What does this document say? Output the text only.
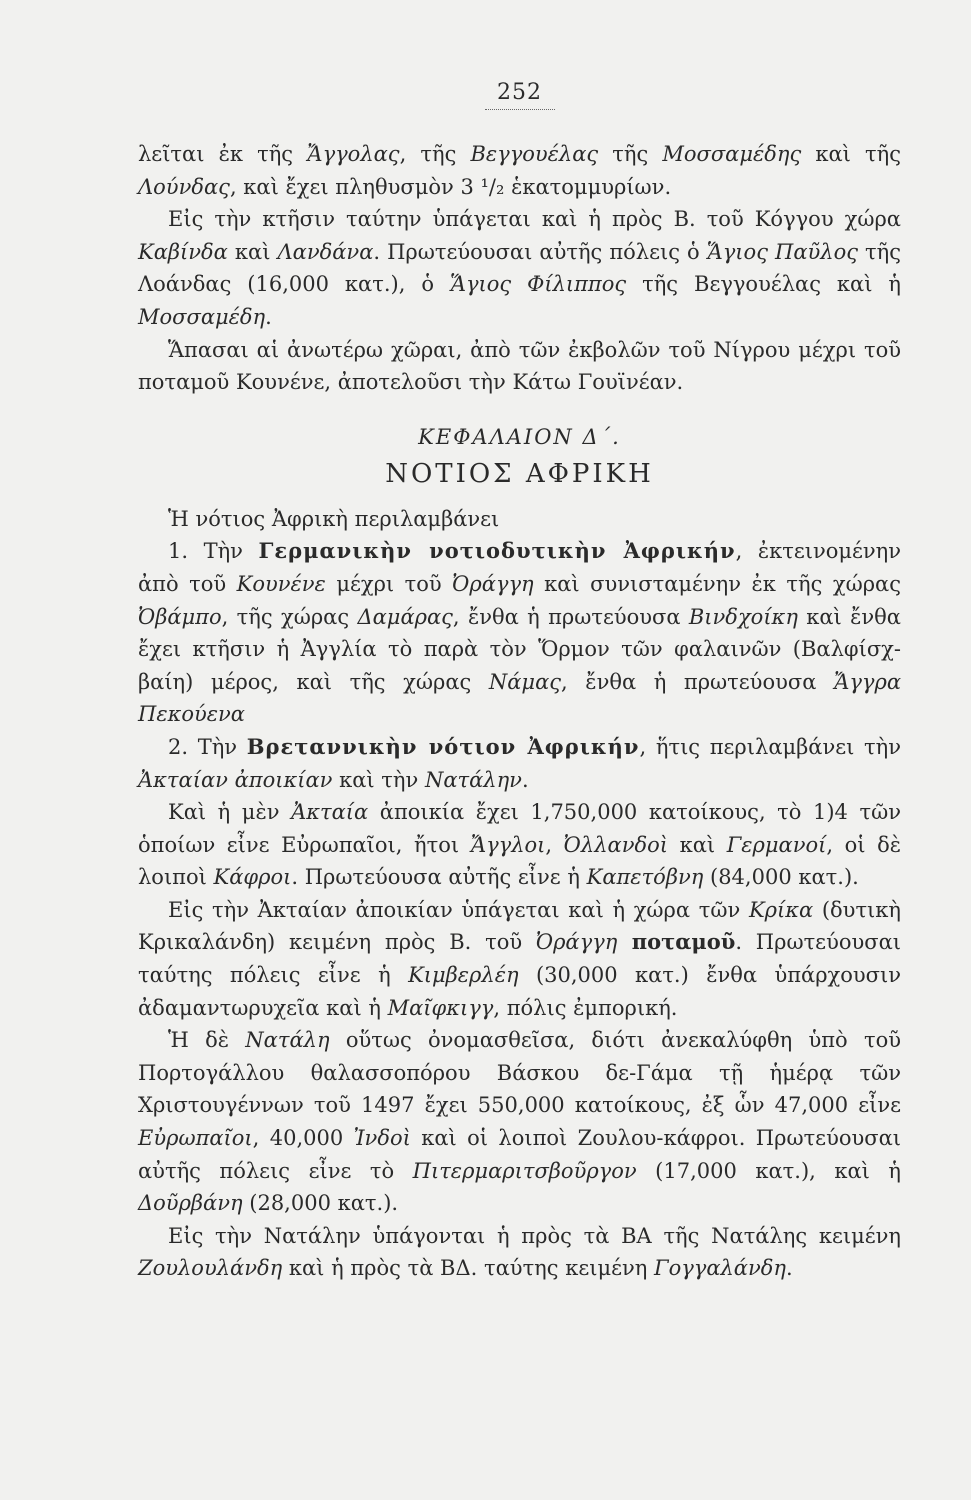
252

λεῖται ἐκ τῆς Ἄγγολας, τῆς Βεγγουέλας τῆς Μοσσαμέδης καὶ τῆς Λούνδας, καὶ ἔχει πληθυσμὸν 3 ¹/₂ ἑκατομμυρίων.

Εἰς τὴν κτῆσιν ταύτην ὑπάγεται καὶ ἡ πρὸς Β. τοῦ Κόγγου χώρα Καβίνδα καὶ Λανδάνα. Πρωτεύουσαι αὐτῆς πόλεις ὁ Ἅγιος Παῦλος τῆς Λοάνδας (16,000 κατ.), ὁ Ἅγιος Φίλιππος τῆς Βεγγουέλας καὶ ἡ Μοσσαμέδη.

Ἅπασαι αἱ ἀνωτέρω χῶραι, ἀπὸ τῶν ἐκβολῶν τοῦ Νίγρου μέχρι τοῦ ποταμοῦ Κουνένε, ἀποτελοῦσι τὴν Κάτω Γουϊνέαν.

ΚΕΦΑΛΑΙΟΝ Δ΄.
ΝΟΤΙΟΣ ΑΦΡΙΚΗ

Ἡ νότιος Ἀφρικὴ περιλαμβάνει

1. Τὴν Γερμανικὴν νοτιοδυτικὴν Ἀφρικήν, ἐκτεινομένην ἀπὸ τοῦ Κουνένε μέχρι τοῦ Ὀράγγη καὶ συνισταμένην ἐκ τῆς χώρας Ὀβάμπο, τῆς χώρας Δαμάρας, ἔνθα ἡ πρωτεύουσα Βινδχοίκη καὶ ἔνθα ἔχει κτῆσιν ἡ Ἀγγλία τὸ παρὰ τὸν Ὅρμον τῶν φαλαινῶν (Βαλφίσχ-βαίη) μέρος, καὶ τῆς χώρας Νάμας, ἔνθα ἡ πρωτεύουσα Ἄγγρα Πεκούενα

2. Τὴν Βρεταννικὴν νότιον Ἀφρικήν, ἥτις περιλαμβάνει τὴν Ἀκταίαν ἀποικίαν καὶ τὴν Νατάλην.

Καὶ ἡ μὲν Ἀκταία ἀποικία ἔχει 1,750,000 κατοίκους, τὸ 1)4 τῶν ὁποίων εἶνε Εὐρωπαῖοι, ἤτοι Ἄγγλοι, Ὀλλανδοὶ καὶ Γερμανοί, οἱ δὲ λοιποὶ Κάφροι. Πρωτεύουσα αὐτῆς εἶνε ἡ Καπετόβνη (84,000 κατ.).

Εἰς τὴν Ἀκταίαν ἀποικίαν ὑπάγεται καὶ ἡ χώρα τῶν Κρίκα (δυτικὴ Κρικαλάνδη) κειμένη πρὸς Β. τοῦ Ὀράγγη ποταμοῦ. Πρωτεύουσαι ταύτης πόλεις εἶνε ἡ Κιμβερλέη (30,000 κατ.) ἔνθα ὑπάρχουσιν ἀδαμαντωρυχεῖα καὶ ἡ Μαῖφκιγγ, πόλις ἐμπορική.

Ἡ δὲ Νατάλη οὕτως ὀνομασθεῖσα, διότι ἀνεκαλύφθη ὑπὸ τοῦ Πορτογάλλου θαλασσοπόρου Βάσκου δε-Γάμα τῇ ἡμέρᾳ τῶν Χριστουγέννων τοῦ 1497 ἔχει 550,000 κατοίκους, ἐξ ὧν 47,000 εἶνε Εὐρωπαῖοι, 40,000 Ἰνδοὶ καὶ οἱ λοιποὶ Ζουλου-κάφροι. Πρωτεύουσαι αὐτῆς πόλεις εἶνε τὸ Πιτερμαριτσβοῦργον (17,000 κατ.), καὶ ἡ Δοῦρβάνη (28,000 κατ.).

Εἰς τὴν Νατάλην ὑπάγονται ἡ πρὸς τὰ ΒΑ τῆς Νατάλης κειμένη Ζουλουλάνδη καὶ ἡ πρὸς τὰ ΒΔ. ταύτης κειμένη Γογγαλάνδη.
